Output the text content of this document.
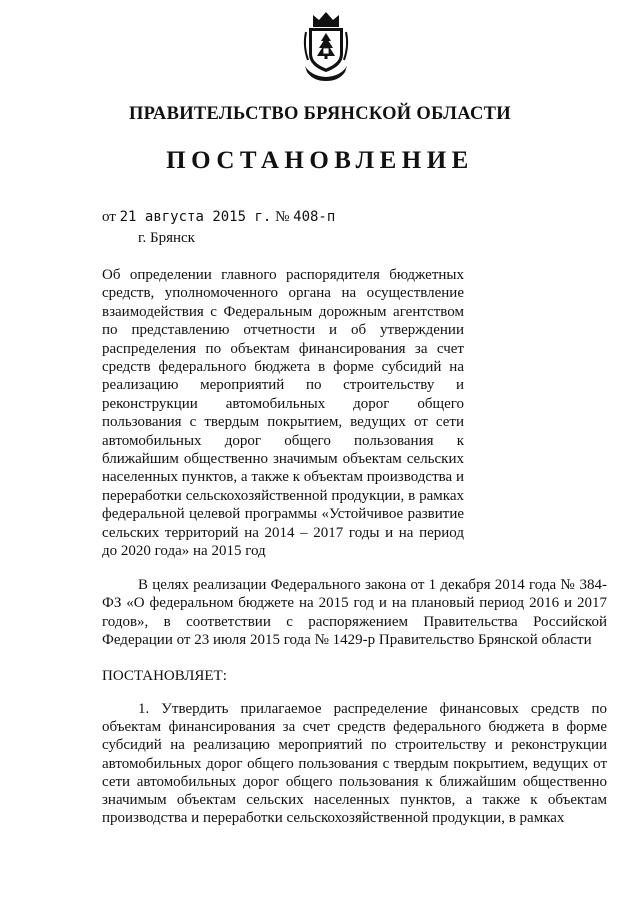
ПРАВИТЕЛЬСТВО БРЯНСКОЙ ОБЛАСТИ
ПОСТАНОВЛЕНИЕ
от 21 августа 2015 г. № 408-п
г. Брянск

Об определении главного распорядителя бюджетных средств, уполномоченного органа на осуществление взаимодействия с Федеральным дорожным агентством по представлению отчетности и об утверждении распределения по объектам финансирования за счет средств федерального бюджета в форме субсидий на реализацию мероприятий по строительству и реконструкции автомобильных дорог общего пользования с твердым покрытием, ведущих от сети автомобильных дорог общего пользования к ближайшим общественно значимым объектам сельских населенных пунктов, а также к объектам производства и переработки сельскохозяйственной продукции, в рамках федеральной целевой программы «Устойчивое развитие сельских территорий на 2014 – 2017 годы и на период до 2020 года» на 2015 год

В целях реализации Федерального закона от 1 декабря 2014 года № 384-ФЗ «О федеральном бюджете на 2015 год и на плановый период 2016 и 2017 годов», в соответствии с распоряжением Правительства Российской Федерации от 23 июля 2015 года № 1429-р Правительство Брянской области

ПОСТАНОВЛЯЕТ:

1. Утвердить прилагаемое распределение финансовых средств по объектам финансирования за счет средств федерального бюджета в форме субсидий на реализацию мероприятий по строительству и реконструкции автомобильных дорог общего пользования с твердым покрытием, ведущих от сети автомобильных дорог общего пользования к ближайшим общественно значимым объектам сельских населенных пунктов, а также к объектам производства и переработки сельскохозяйственной продукции, в рамках
